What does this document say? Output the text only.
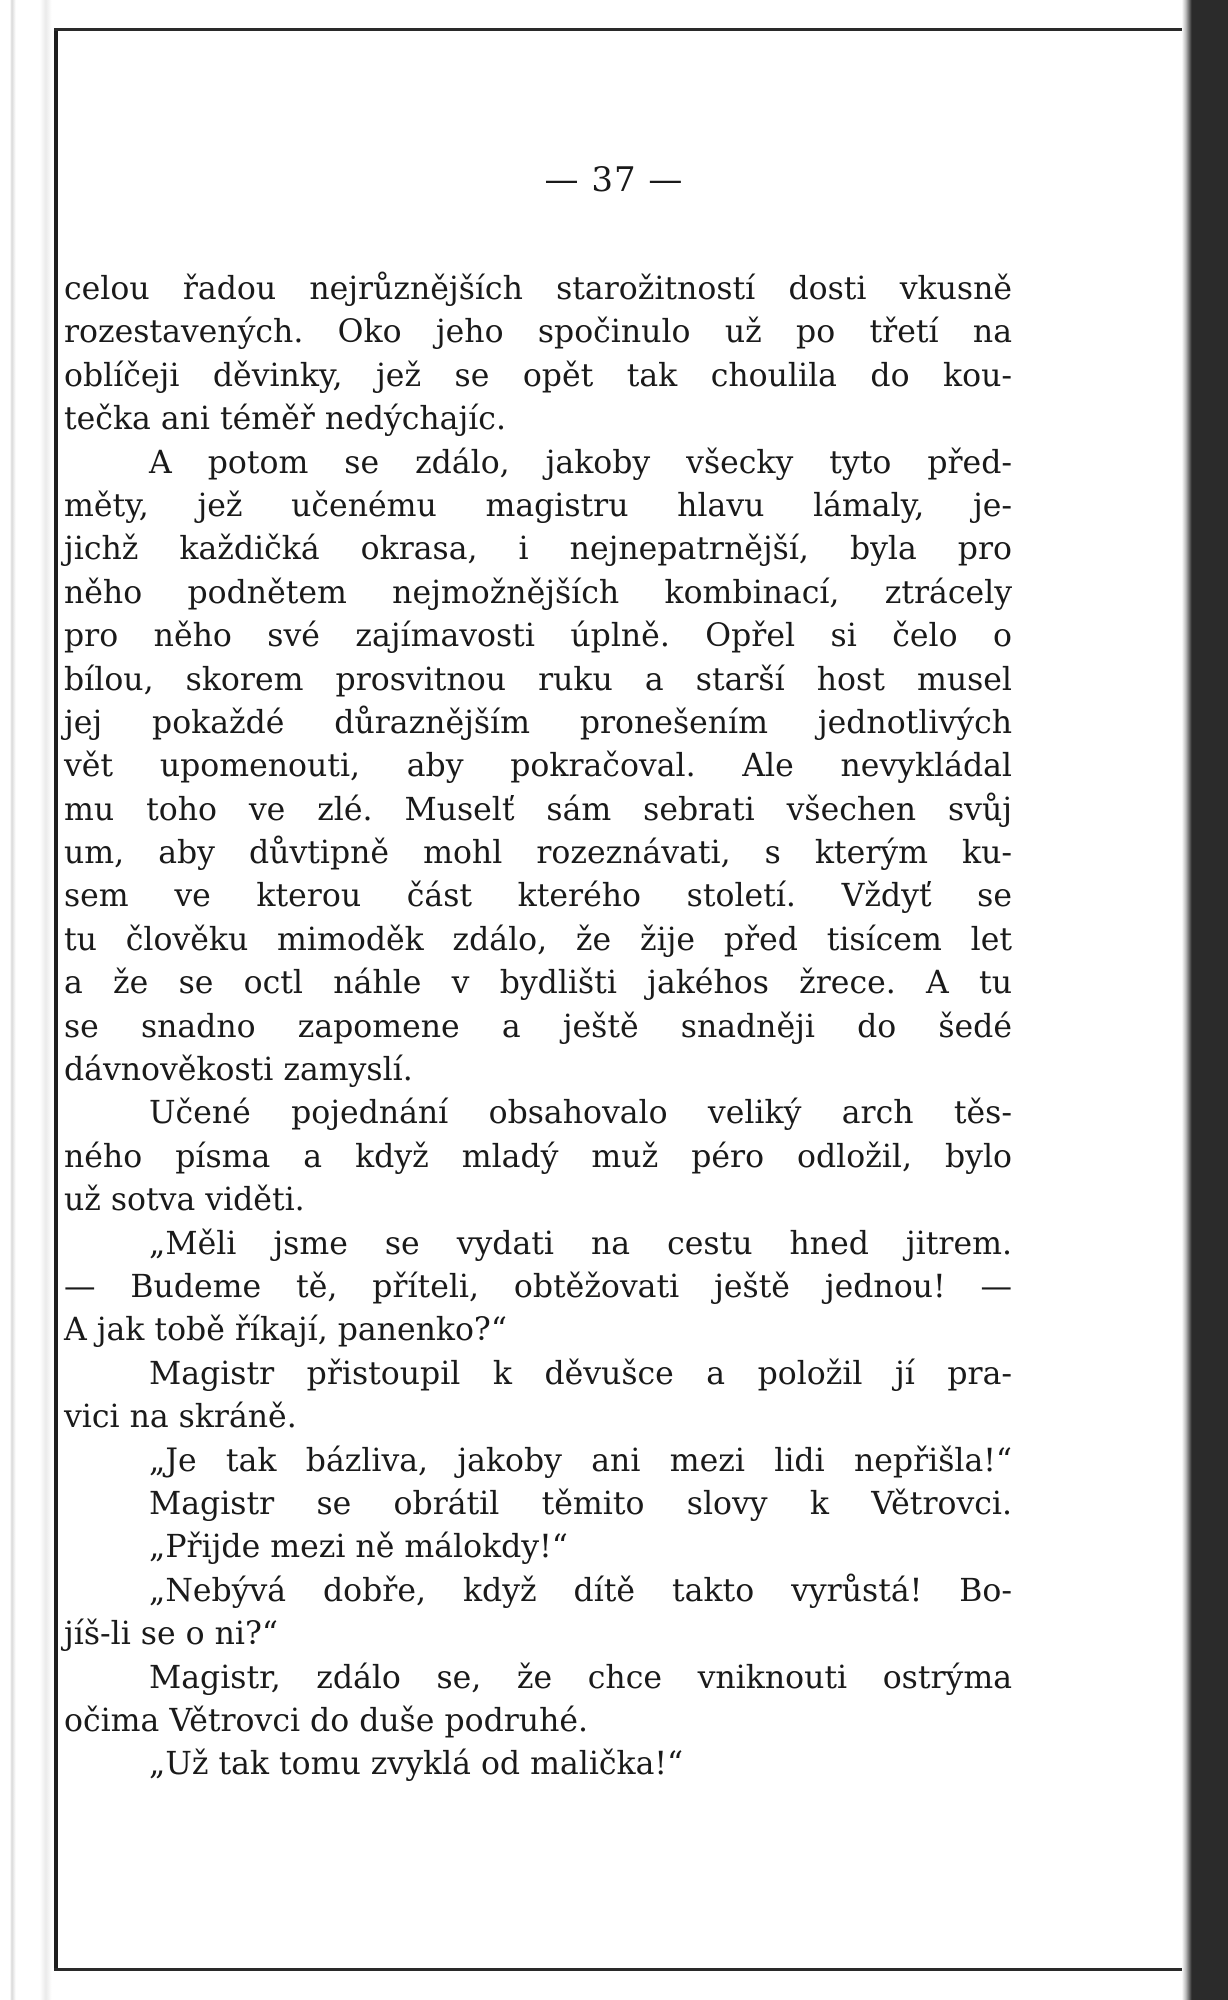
— 37 —
celou řadou nejrůznějších starožitností dosti vkusně
rozestavených. Oko jeho spočinulo už po třetí na
oblíčeji děvinky, jež se opět tak choulila do kou-
tečka ani téměř nedýchajíc.
A potom se zdálo, jakoby všecky tyto před-
měty, jež učenému magistru hlavu lámaly, je-
jichž každičká okrasa, i nejnepatrnější, byla pro
něho podnětem nejmožnějších kombinací, ztrácely
pro něho své zajímavosti úplně. Opřel si čelo o
bílou, skorem prosvitnou ruku a starší host musel
jej pokaždé důraznějším pronešením jednotlivých
vět upomenouti, aby pokračoval. Ale nevykládal
mu toho ve zlé. Muselť sám sebrati všechen svůj
um, aby důvtipně mohl rozeznávati, s kterým ku-
sem ve kterou část kterého století. Vždyť se
tu člověku mimoděk zdálo, že žije před tisícem let
a že se octl náhle v bydlišti jakéhos žrece. A tu
se snadno zapomene a ještě snadněji do šedé
dávnověkosti zamyslí.
Učené pojednání obsahovalo veliký arch těs-
ného písma a když mladý muž péro odložil, bylo
už sotva viděti.
„Měli jsme se vydati na cestu hned jitrem.
— Budeme tě, příteli, obtěžovati ještě jednou! —
A jak tobě říkají, panenko?“
Magistr přistoupil k děvušce a položil jí pra-
vici na skráně.
„Je tak bázliva, jakoby ani mezi lidi nepřišla!“
Magistr se obrátil těmito slovy k Větrovci.
„Přijde mezi ně málokdy!“
„Nebývá dobře, když dítě takto vyrůstá! Bo-
jíš-li se o ni?“
Magistr, zdálo se, že chce vniknouti ostrýma
očima Větrovci do duše podruhé.
„Už tak tomu zvyklá od malička!“
